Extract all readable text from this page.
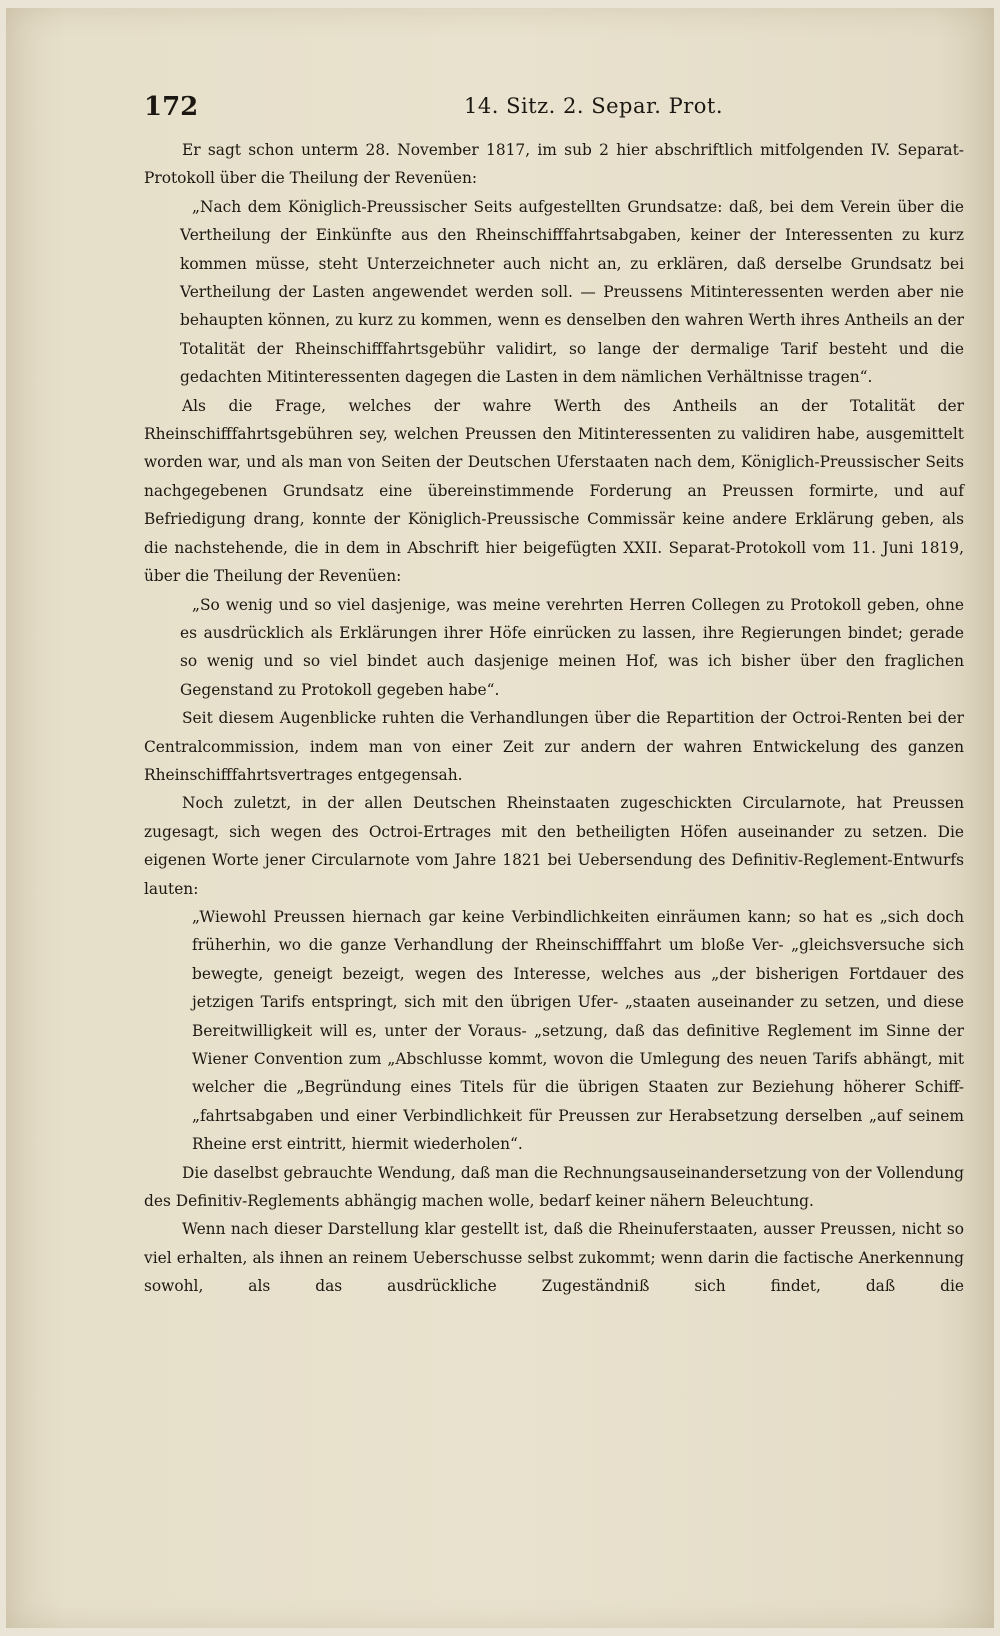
172	14. Sitz. 2. Separ. Prot.

Er sagt schon unterm 28. November 1817, im sub 2 hier abschriftlich mitfolgenden IV. Separat-Protokoll über die Theilung der Revenüen:

„Nach dem Königlich-Preussischer Seits aufgestellten Grundsatze: daß, bei dem Verein über die Vertheilung der Einkünfte aus den Rheinschifffahrtsabgaben, keiner der Interessenten zu kurz kommen müsse, steht Unterzeichneter auch nicht an, zu erklären, daß derselbe Grundsatz bei Vertheilung der Lasten angewendet werden soll. — Preussens Mitinteressenten werden aber nie behaupten können, zu kurz zu kommen, wenn es denselben den wahren Werth ihres Antheils an der Totalität der Rheinschifffahrtsgebühr validirt, so lange der dermalige Tarif besteht und die gedachten Mitinteressenten dagegen die Lasten in dem nämlichen Verhältnisse tragen“.

Als die Frage, welches der wahre Werth des Antheils an der Totalität der Rheinschifffahrtsgebühren sey, welchen Preussen den Mitinteressenten zu validiren habe, ausgemittelt worden war, und als man von Seiten der Deutschen Uferstaaten nach dem, Königlich-Preussischer Seits nachgegebenen Grundsatz eine übereinstimmende Forderung an Preussen formirte, und auf Befriedigung drang, konnte der Königlich-Preussische Commissär keine andere Erklärung geben, als die nachstehende, die in dem in Abschrift hier beigefügten XXII. Separat-Protokoll vom 11. Juni 1819, über die Theilung der Revenüen:

„So wenig und so viel dasjenige, was meine verehrten Herren Collegen zu Protokoll geben, ohne es ausdrücklich als Erklärungen ihrer Höfe einrücken zu lassen, ihre Regierungen bindet; gerade so wenig und so viel bindet auch dasjenige meinen Hof, was ich bisher über den fraglichen Gegenstand zu Protokoll gegeben habe“.

Seit diesem Augenblicke ruhten die Verhandlungen über die Repartition der Octroi-Renten bei der Centralcommission, indem man von einer Zeit zur andern der wahren Entwickelung des ganzen Rheinschifffahrtsvertrages entgegensah.

Noch zuletzt, in der allen Deutschen Rheinstaaten zugeschickten Circularnote, hat Preussen zugesagt, sich wegen des Octroi-Ertrages mit den betheiligten Höfen auseinander zu setzen. Die eigenen Worte jener Circularnote vom Jahre 1821 bei Uebersendung des Definitiv-Reglement-Entwurfs lauten:

„Wiewohl Preussen hiernach gar keine Verbindlichkeiten einräumen kann; so hat es „sich doch früherhin, wo die ganze Verhandlung der Rheinschifffahrt um bloße Ver- „gleichsversuche sich bewegte, geneigt bezeigt, wegen des Interesse, welches aus „der bisherigen Fortdauer des jetzigen Tarifs entspringt, sich mit den übrigen Ufer- „staaten auseinander zu setzen, und diese Bereitwilligkeit will es, unter der Voraus- „setzung, daß das definitive Reglement im Sinne der Wiener Convention zum „Abschlusse kommt, wovon die Umlegung des neuen Tarifs abhängt, mit welcher die „Begründung eines Titels für die übrigen Staaten zur Beziehung höherer Schiff- „fahrtsabgaben und einer Verbindlichkeit für Preussen zur Herabsetzung derselben „auf seinem Rheine erst eintritt, hiermit wiederholen“.

Die daselbst gebrauchte Wendung, daß man die Rechnungsauseinandersetzung von der Vollendung des Definitiv-Reglements abhängig machen wolle, bedarf keiner nähern Beleuchtung.

Wenn nach dieser Darstellung klar gestellt ist, daß die Rheinuferstaaten, ausser Preussen, nicht so viel erhalten, als ihnen an reinem Ueberschusse selbst zukommt; wenn darin die factische Anerkennung sowohl, als das ausdrückliche Zugeständniß sich findet, daß die
